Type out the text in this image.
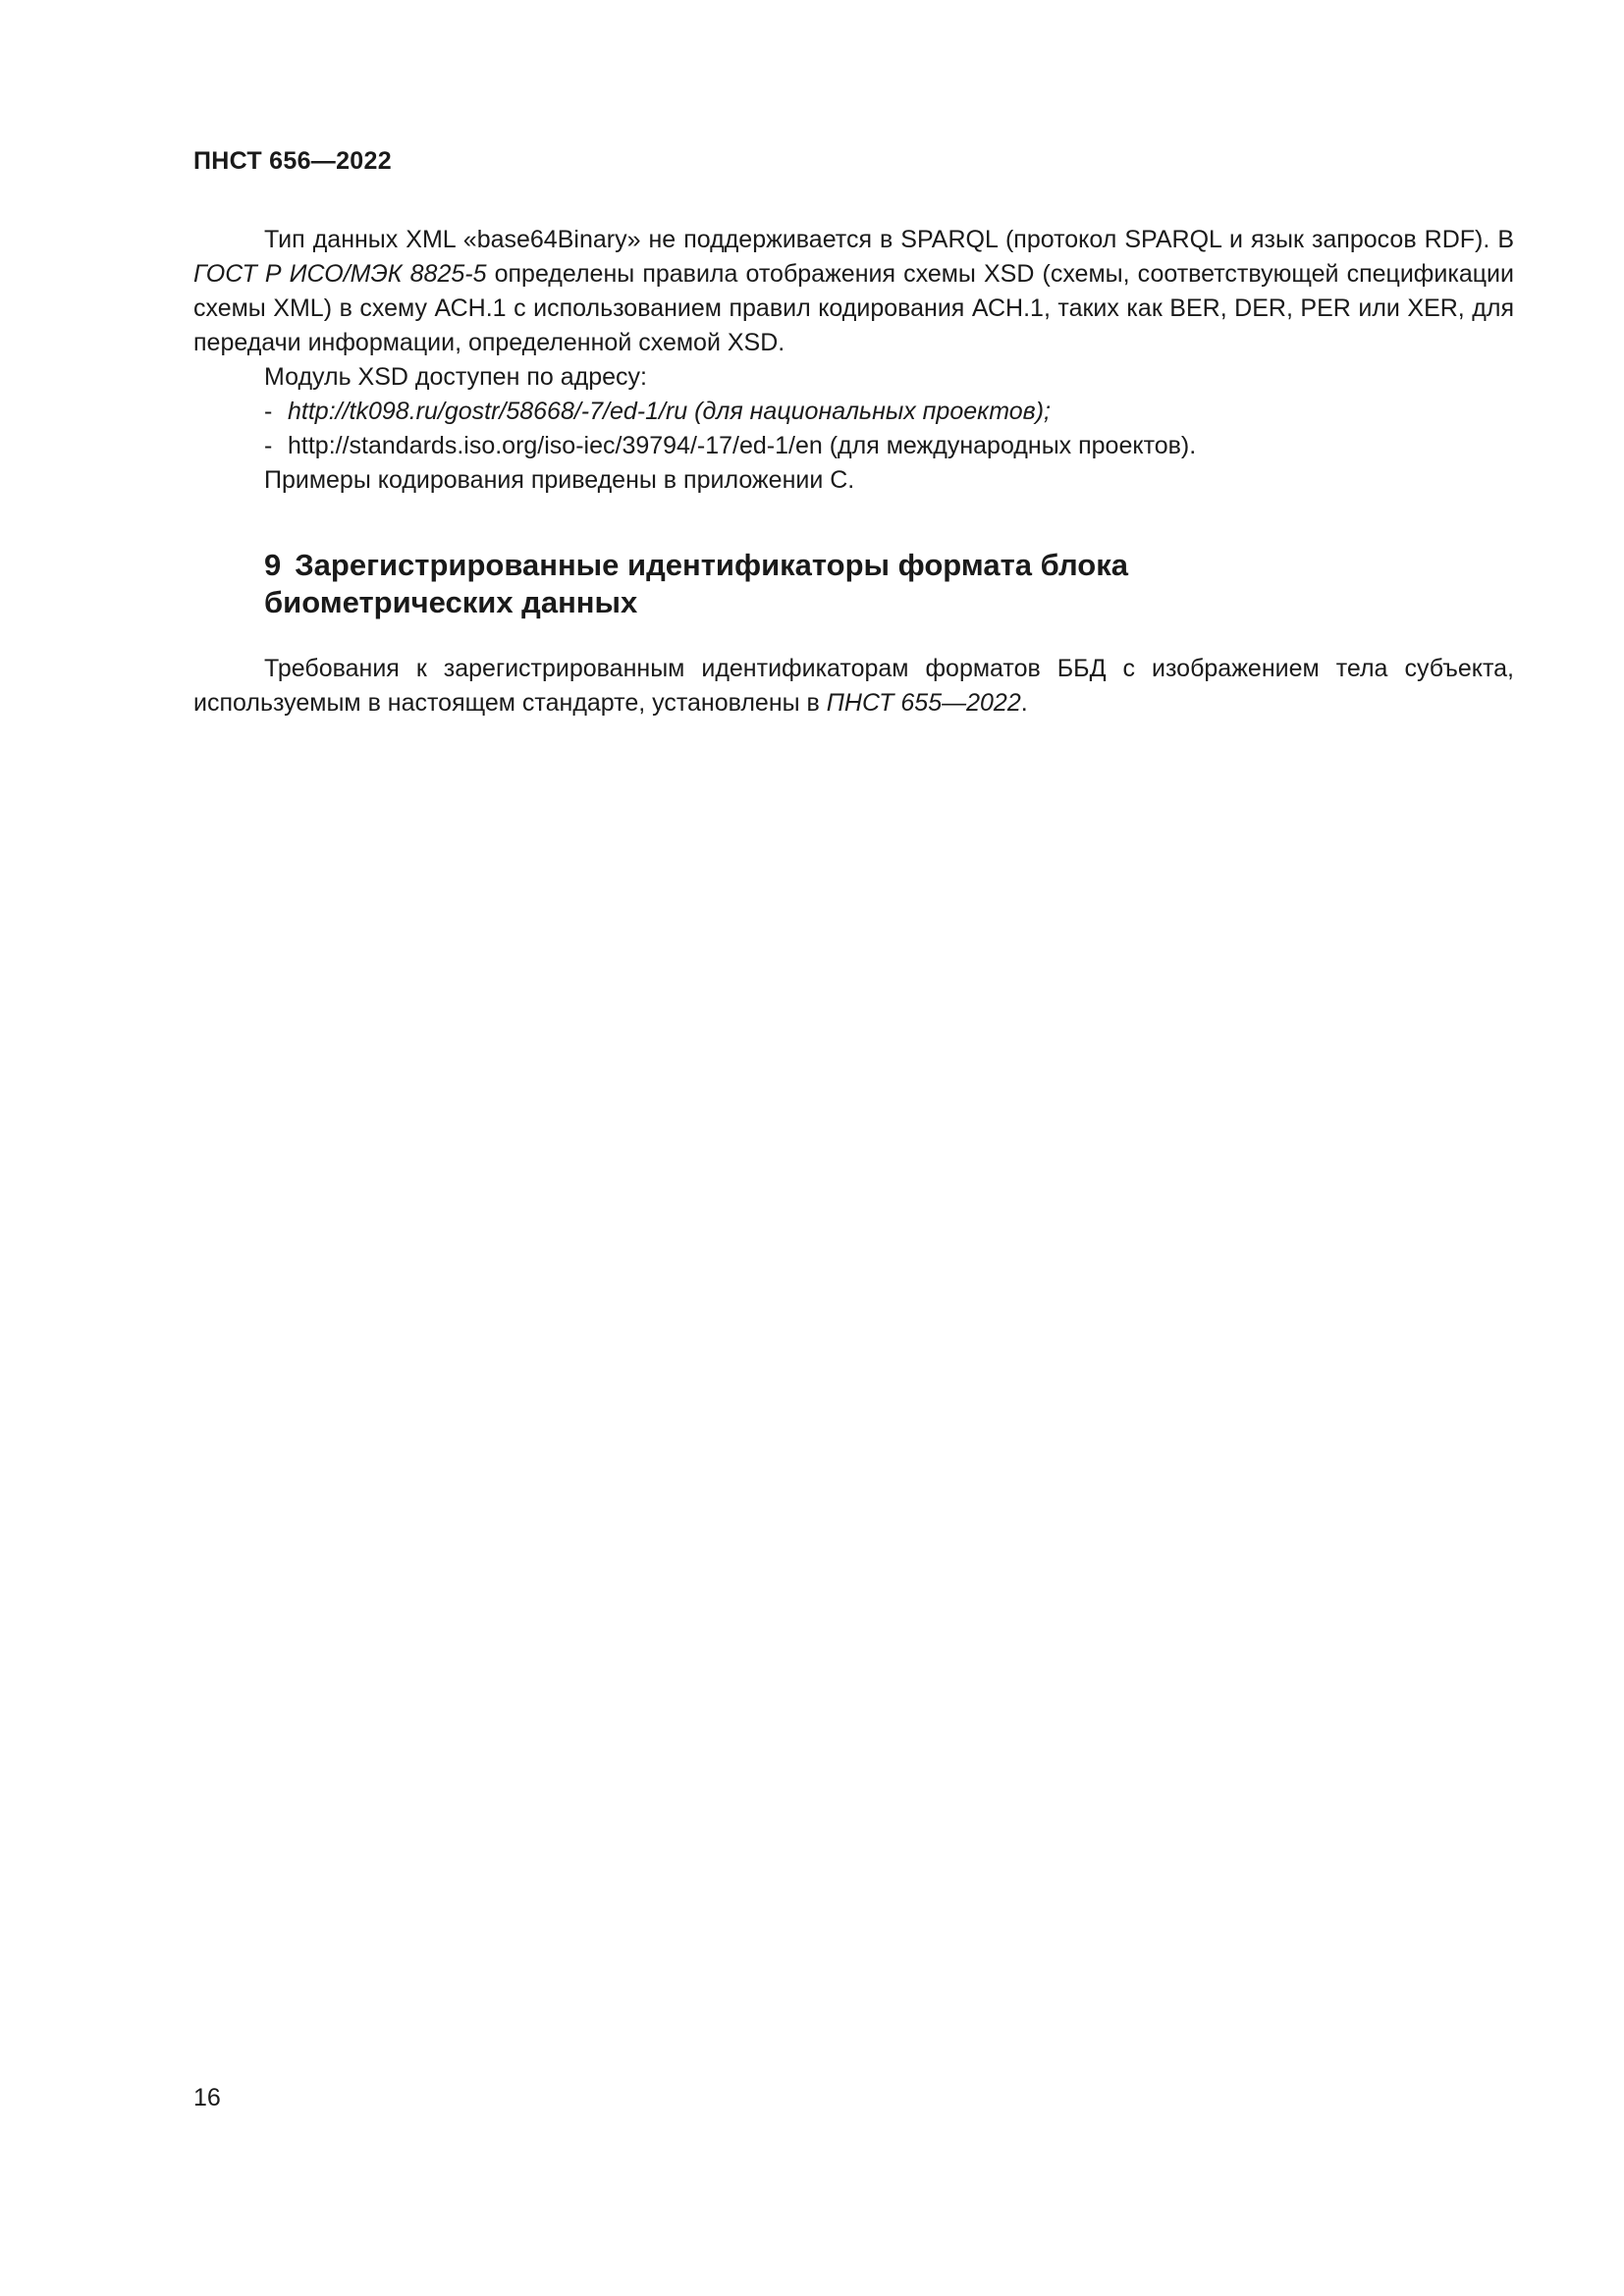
ПНСТ 656—2022

Тип данных XML «base64Binary» не поддерживается в SPARQL (протокол SPARQL и язык запросов RDF). В ГОСТ Р ИСО/МЭК 8825-5 определены правила отображения схемы XSD (схемы, соответствующей спецификации схемы XML) в схему АСН.1 с использованием правил кодирования АСН.1, таких как BER, DER, PER или XER, для передачи информации, определенной схемой XSD.

Модуль XSD доступен по адресу:

- http://tk098.ru/gostr/58668/-7/ed-1/ru (для национальных проектов);

- http://standards.iso.org/iso-iec/39794/-17/ed-1/en (для международных проектов).

Примеры кодирования приведены в приложении С.

9 Зарегистрированные идентификаторы формата блока
биометрических данных

Требования к зарегистрированным идентификаторам форматов ББД с изображением тела субъекта, используемым в настоящем стандарте, установлены в ПНСТ 655—2022.

16
